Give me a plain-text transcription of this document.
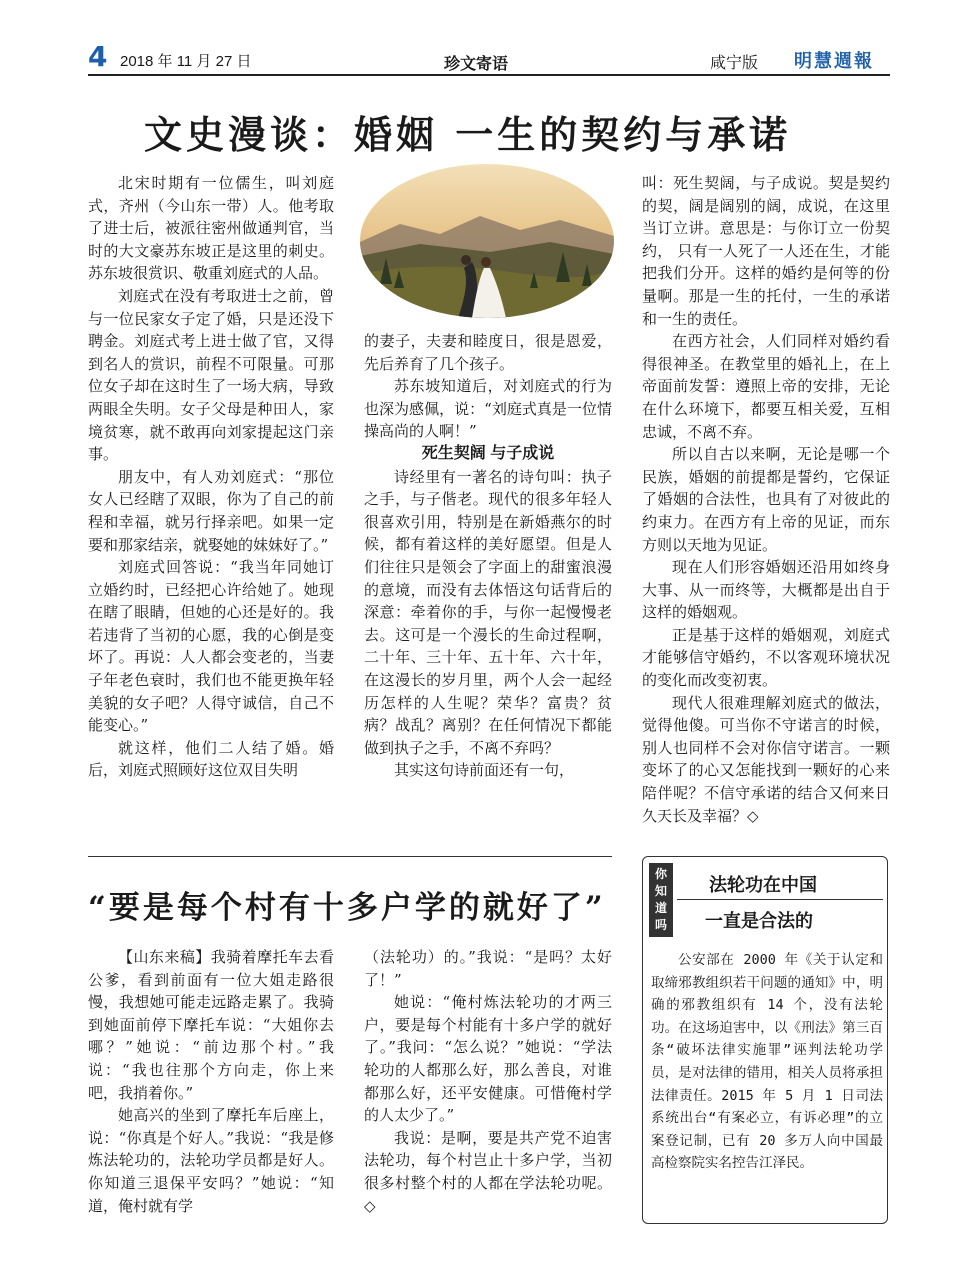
4 2018 年 11 月 27 日	珍文寄语	咸宁版 明慧週報
文史漫谈：婚姻 一生的契约与承诺

北宋时期有一位儒生，叫刘庭式，齐州（今山东一带）人。他考取了进士后，被派往密州做通判官，当时的大文豪苏东坡正是这里的刺史。苏东坡很赏识、敬重刘庭式的人品。

刘庭式在没有考取进士之前，曾与一位民家女子定了婚，只是还没下聘金。刘庭式考上进士做了官，又得到名人的赏识，前程不可限量。可那位女子却在这时生了一场大病，导致两眼全失明。女子父母是种田人，家境贫寒，就不敢再向刘家提起这门亲事。

朋友中，有人劝刘庭式：“那位女人已经瞎了双眼，你为了自己的前程和幸福，就另行择亲吧。如果一定要和那家结亲，就娶她的妹妹好了。”

刘庭式回答说：“我当年同她订立婚约时，已经把心许给她了。她现在瞎了眼睛，但她的心还是好的。我若违背了当初的心愿，我的心倒是变坏了。再说：人人都会变老的，当妻子年老色衰时，我们也不能更换年轻美貌的女子吧？人得守诚信，自己不能变心。”

就这样，他们二人结了婚。婚后，刘庭式照顾好这位双目失明

的妻子，夫妻和睦度日，很是恩爱，先后养育了几个孩子。

苏东坡知道后，对刘庭式的行为也深为感佩，说：“刘庭式真是一位情操高尚的人啊！”

死生契阔 与子成说

诗经里有一著名的诗句叫：执子之手，与子偕老。现代的很多年轻人很喜欢引用，特别是在新婚燕尔的时候，都有着这样的美好愿望。但是人们往往只是领会了字面上的甜蜜浪漫的意境，而没有去体悟这句话背后的深意：牵着你的手，与你一起慢慢老去。这可是一个漫长的生命过程啊，二十年、三十年、五十年、六十年，在这漫长的岁月里，两个人会一起经历怎样的人生呢？荣华？富贵？贫病？战乱？离别？在任何情况下都能做到执子之手，不离不弃吗？

其实这句诗前面还有一句，

叫：死生契阔，与子成说。契是契约的契，阔是阔别的阔，成说，在这里当订立讲。意思是：与你订立一份契约， 只有一人死了一人还在生，才能把我们分开。这样的婚约是何等的份量啊。那是一生的托付，一生的承诺和一生的责任。

在西方社会，人们同样对婚约看得很神圣。在教堂里的婚礼上，在上帝面前发誓：遵照上帝的安排，无论在什么环境下，都要互相关爱，互相忠诚，不离不弃。

所以自古以来啊，无论是哪一个民族，婚姻的前提都是誓约，它保证了婚姻的合法性，也具有了对彼此的约束力。在西方有上帝的见证，而东方则以天地为见证。

现在人们形容婚姻还沿用如终身大事、从一而终等，大概都是出自于这样的婚姻观。

正是基于这样的婚姻观，刘庭式才能够信守婚约，不以客观环境状况的变化而改变初衷。

现代人很难理解刘庭式的做法，觉得他傻。可当你不守诺言的时候，别人也同样不会对你信守诺言。一颗变坏了的心又怎能找到一颗好的心来陪伴呢？不信守承诺的结合又何来日久天长及幸福？◇

“要是每个村有十多户学的就好了”

【山东来稿】我骑着摩托车去看公爹，看到前面有一位大姐走路很慢，我想她可能走远路走累了。我骑到她面前停下摩托车说：“大姐你去哪？”她说：“前边那个村。”我说：“我也往那个方向走，你上来吧，我捎着你。”

她高兴的坐到了摩托车后座上，说：“你真是个好人。”我说：“我是修炼法轮功的，法轮功学员都是好人。你知道三退保平安吗？”她说：“知道，俺村就有学

（法轮功）的。”我说：“是吗？太好了！”

她说：“俺村炼法轮功的才两三户，要是每个村能有十多户学的就好了。”我问：“怎么说？”她说：“学法轮功的人都那么好，那么善良，对谁都那么好，还平安健康。可惜俺村学的人太少了。”

我说：是啊，要是共产党不迫害法轮功，每个村岂止十多户学，当初很多村整个村的人都在学法轮功呢。◇

你
知
道
吗
法轮功在中国
一直是合法的

公安部在 2000 年《关于认定和取缔邪教组织若干问题的通知》中，明确的邪教组织有 14 个，没有法轮功。在这场迫害中，以《刑法》第三百条“破坏法律实施罪”诬判法轮功学员，是对法律的错用，相关人员将承担法律责任。2015 年 5 月 1 日司法系统出台“有案必立，有诉必理”的立案登记制，已有 20 多万人向中国最高检察院实名控告江泽民。
